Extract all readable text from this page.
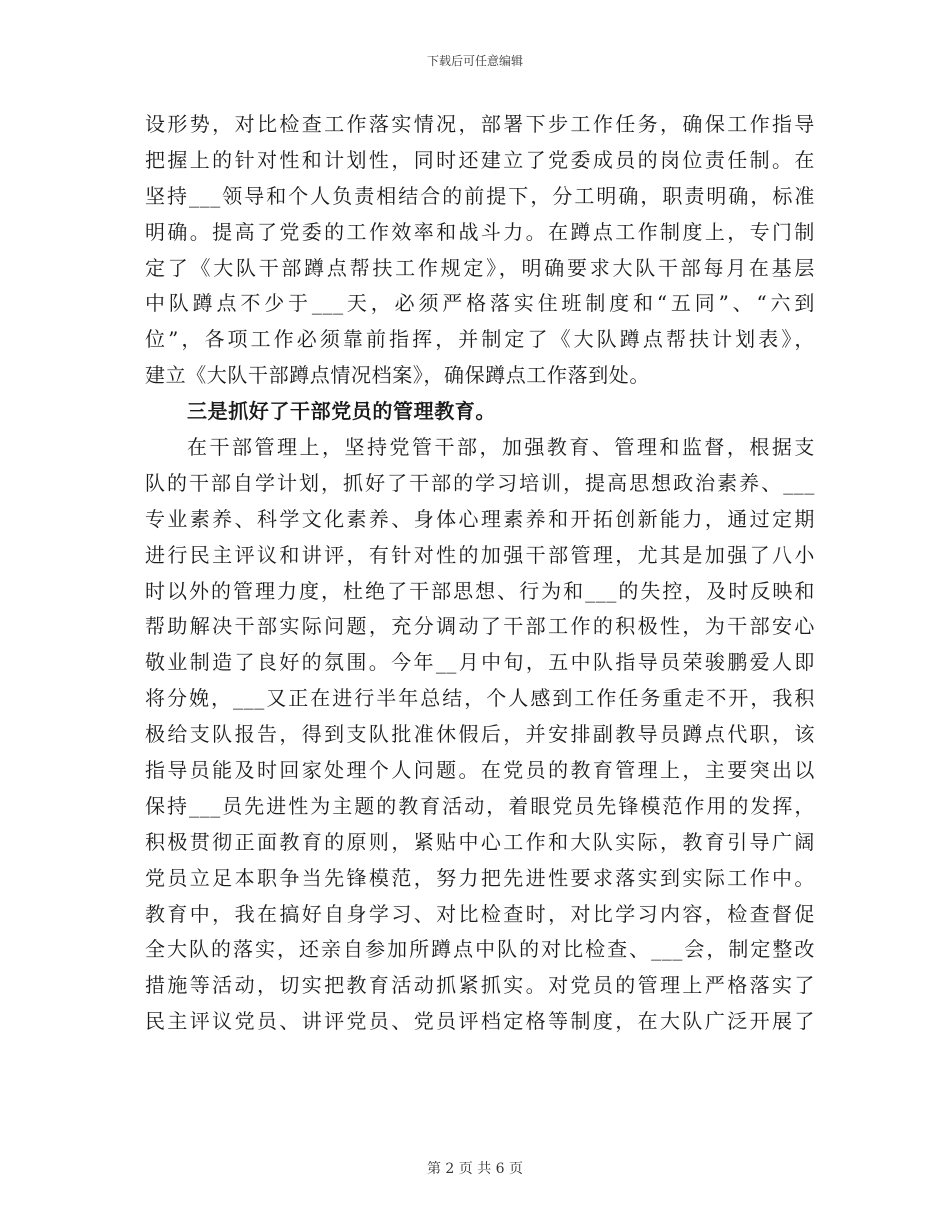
下载后可任意编辑
设形势，对比检查工作落实情况，部署下步工作任务，确保工作指导
把握上的针对性和计划性，同时还建立了党委成员的岗位责任制。在
坚持___领导和个人负责相结合的前提下，分工明确，职责明确，标准
明确。提高了党委的工作效率和战斗力。在蹲点工作制度上，专门制
定了《大队干部蹲点帮扶工作规定》，明确要求大队干部每月在基层
中队蹲点不少于___天，必须严格落实住班制度和“五同”、“六到
位”，各项工作必须靠前指挥，并制定了《大队蹲点帮扶计划表》，
建立《大队干部蹲点情况档案》，确保蹲点工作落到处。
三是抓好了干部党员的管理教育。
在干部管理上，坚持党管干部，加强教育、管理和监督，根据支
队的干部自学计划，抓好了干部的学习培训，提高思想政治素养、___
专业素养、科学文化素养、身体心理素养和开拓创新能力，通过定期
进行民主评议和讲评，有针对性的加强干部管理，尤其是加强了八小
时以外的管理力度，杜绝了干部思想、行为和___的失控，及时反映和
帮助解决干部实际问题，充分调动了干部工作的积极性，为干部安心
敬业制造了良好的氛围。今年__月中旬，五中队指导员荣骏鹏爱人即
将分娩，___又正在进行半年总结，个人感到工作任务重走不开，我积
极给支队报告，得到支队批准休假后，并安排副教导员蹲点代职，该
指导员能及时回家处理个人问题。在党员的教育管理上，主要突出以
保持___员先进性为主题的教育活动，着眼党员先锋模范作用的发挥，
积极贯彻正面教育的原则，紧贴中心工作和大队实际，教育引导广阔
党员立足本职争当先锋模范，努力把先进性要求落实到实际工作中。
教育中，我在搞好自身学习、对比检查时，对比学习内容，检查督促
全大队的落实，还亲自参加所蹲点中队的对比检查、___会，制定整改
措施等活动，切实把教育活动抓紧抓实。对党员的管理上严格落实了
民主评议党员、讲评党员、党员评档定格等制度，在大队广泛开展了
第 2 页 共 6 页
